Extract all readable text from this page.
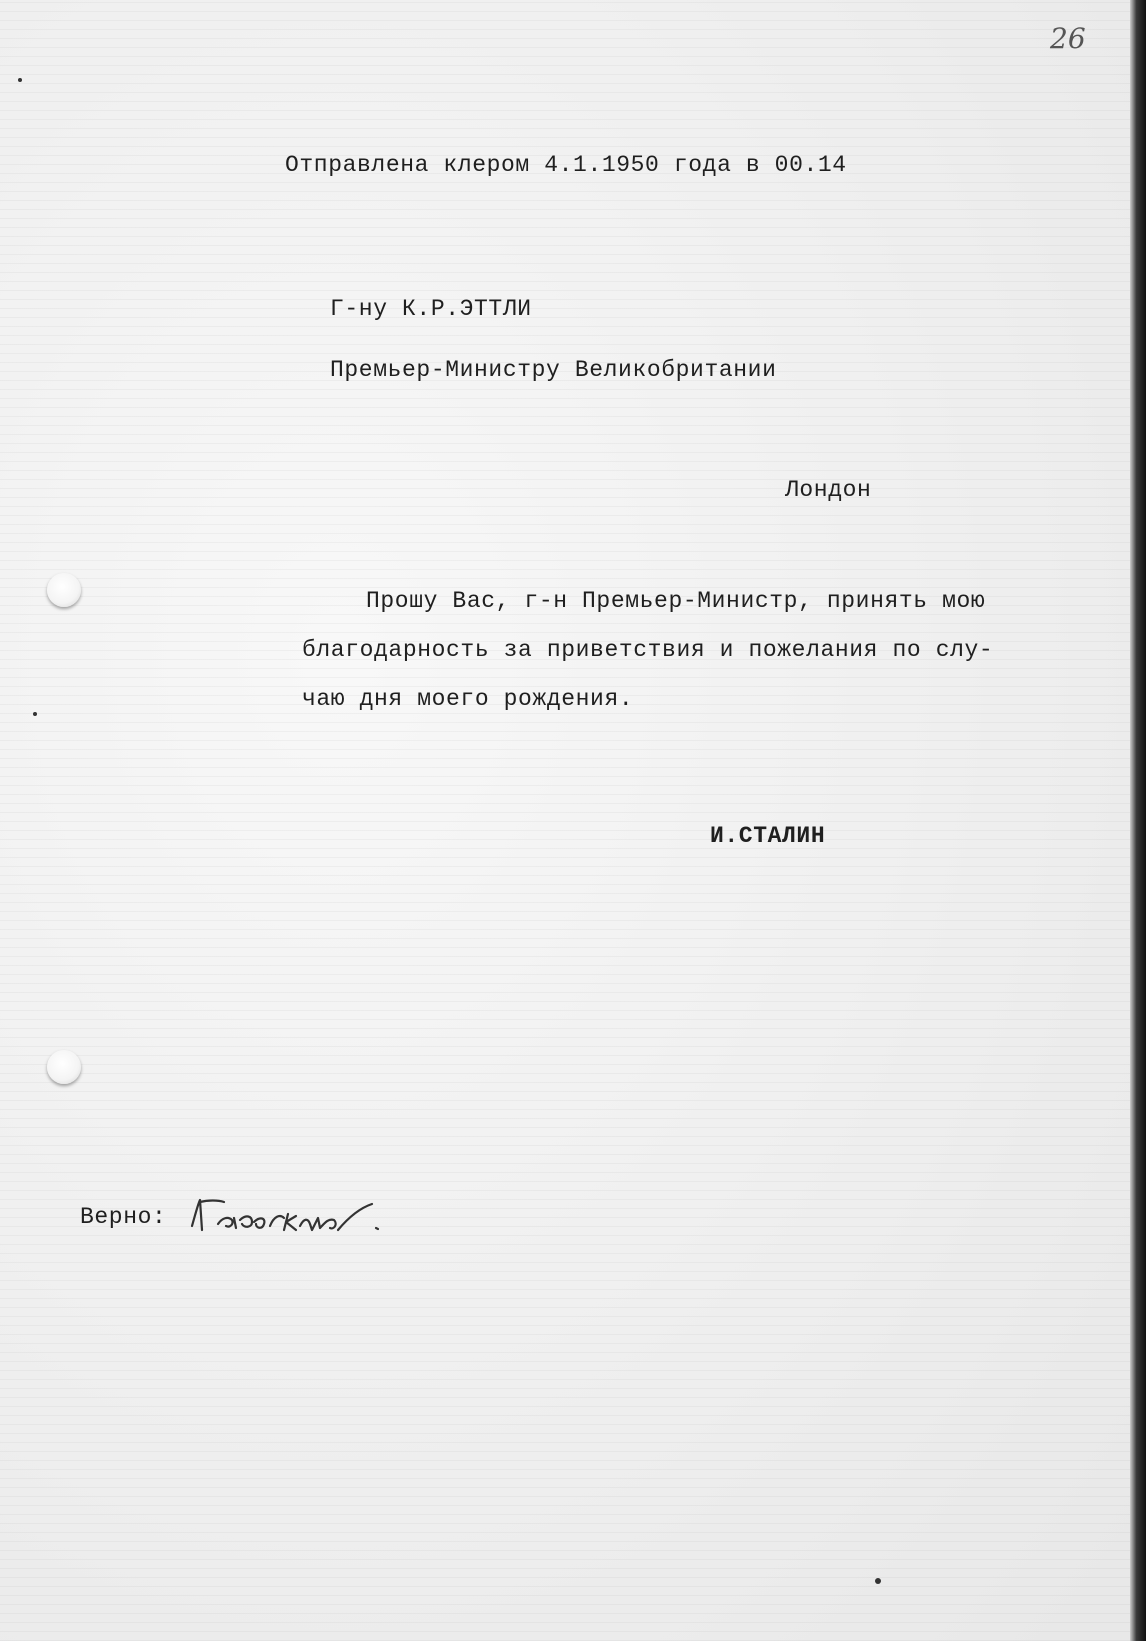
26
Отправлена клером 4.1.1950 года в 00.14
Г-ну К.Р.ЭТТЛИ
Премьер-Министру Великобритании
Лондон
Прошу Вас, г-н Премьер-Министр, принять мою
благодарность за приветствия и пожелания по слу-
чаю дня моего рождения.
И.СТАЛИН
Верно:
